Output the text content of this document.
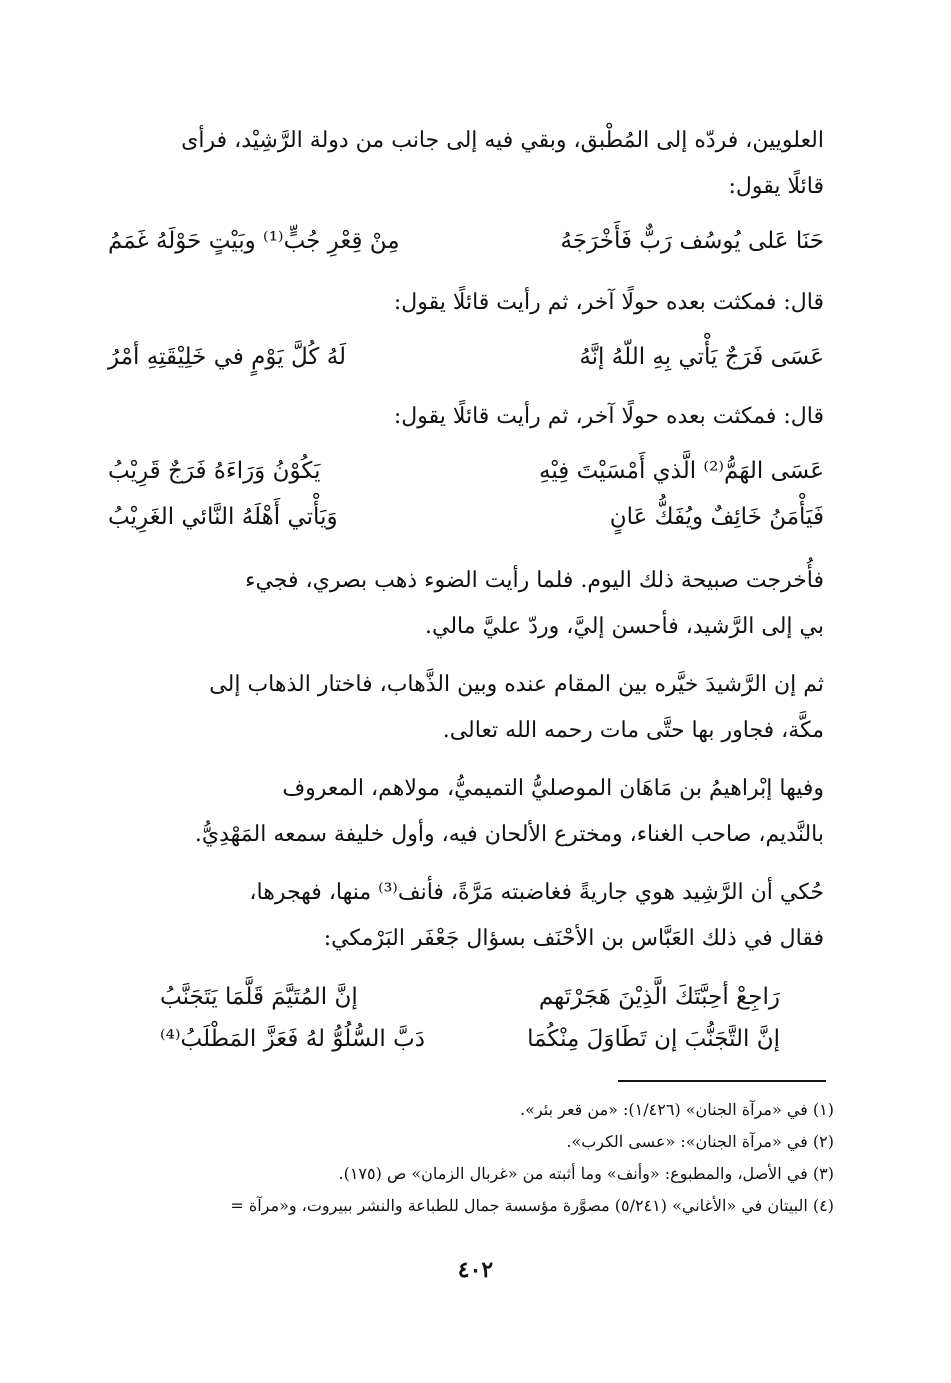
العلويين، فردّه إلى المُطْبق، وبقي فيه إلى جانب من دولة الرَّشِيْد، فرأى
قائلًا يقول:
حَنَا عَلى يُوسُف رَبٌّ فَأَخْرَجَهُ
مِنْ قِعْرِ جُبٍّ⁽¹⁾ وبَيْتٍ حَوْلَهُ غَمَمُ
قال: فمكثت بعده حولًا آخر، ثم رأيت قائلًا يقول:
عَسَى فَرَجٌ يَأْتي بِهِ اللّهُ إنَّهُ
لَهُ كُلَّ يَوْمٍ في خَلِيْقَتِهِ أمْرُ
قال: فمكثت بعده حولًا آخر، ثم رأيت قائلًا يقول:
عَسَى الهَمُّ⁽²⁾ الَّذي أَمْسَيْتَ فِيْهِ
يَكُوْنُ وَرَاءَهُ فَرَجٌ قَرِيْبُ
فَيَأْمَنُ خَائِفٌ ويُفَكُّ عَانٍ
وَيَأْتي أَهْلَهُ النَّائي الغَرِيْبُ
فأُخرجت صبيحة ذلك اليوم. فلما رأيت الضوء ذهب بصري، فجيء
بي إلى الرَّشيد، فأحسن إليَّ، وردّ عليَّ مالي.
ثم إن الرَّشيدَ خيَّره بين المقام عنده وبين الذَّهاب، فاختار الذهاب إلى
مكَّة، فجاور بها حتَّى مات رحمه الله تعالى.
وفيها إبْراهيمُ بن مَاهَان الموصليُّ التميميُّ، مولاهم، المعروف
بالنَّديم، صاحب الغناء، ومخترع الألحان فيه، وأول خليفة سمعه المَهْدِيُّ.
حُكي أن الرَّشِيد هوي جاريةً فغاضبته مَرَّةً، فأنف⁽³⁾ منها، فهجرها،
فقال في ذلك العَبَّاس بن الأحْنَف بسؤال جَعْفَر البَرْمكي:
رَاجِعْ أحِبَّتَكَ الَّذِيْنَ هَجَرْتَهم
إنَّ المُتَيَّمَ قَلَّمَا يَتَجَنَّبُ
إنَّ التَّجَنُّبَ إن تَطَاوَلَ مِنْكُمَا
دَبَّ السُّلُوُّ لهُ فَعَزَّ المَطْلَبُ⁽⁴⁾
(١) في «مرآة الجنان» (١/٤٢٦): «من قعر بئر».
(٢) في «مرآة الجنان»: «عسى الكرب».
(٣) في الأصل، والمطبوع: «وأنف» وما أثبته من «غربال الزمان» ص (١٧٥).
(٤) البيتان في «الأغاني» (٥/٢٤١) مصوَّرة مؤسسة جمال للطباعة والنشر ببيروت، و«مرآة =
٤٠٢
